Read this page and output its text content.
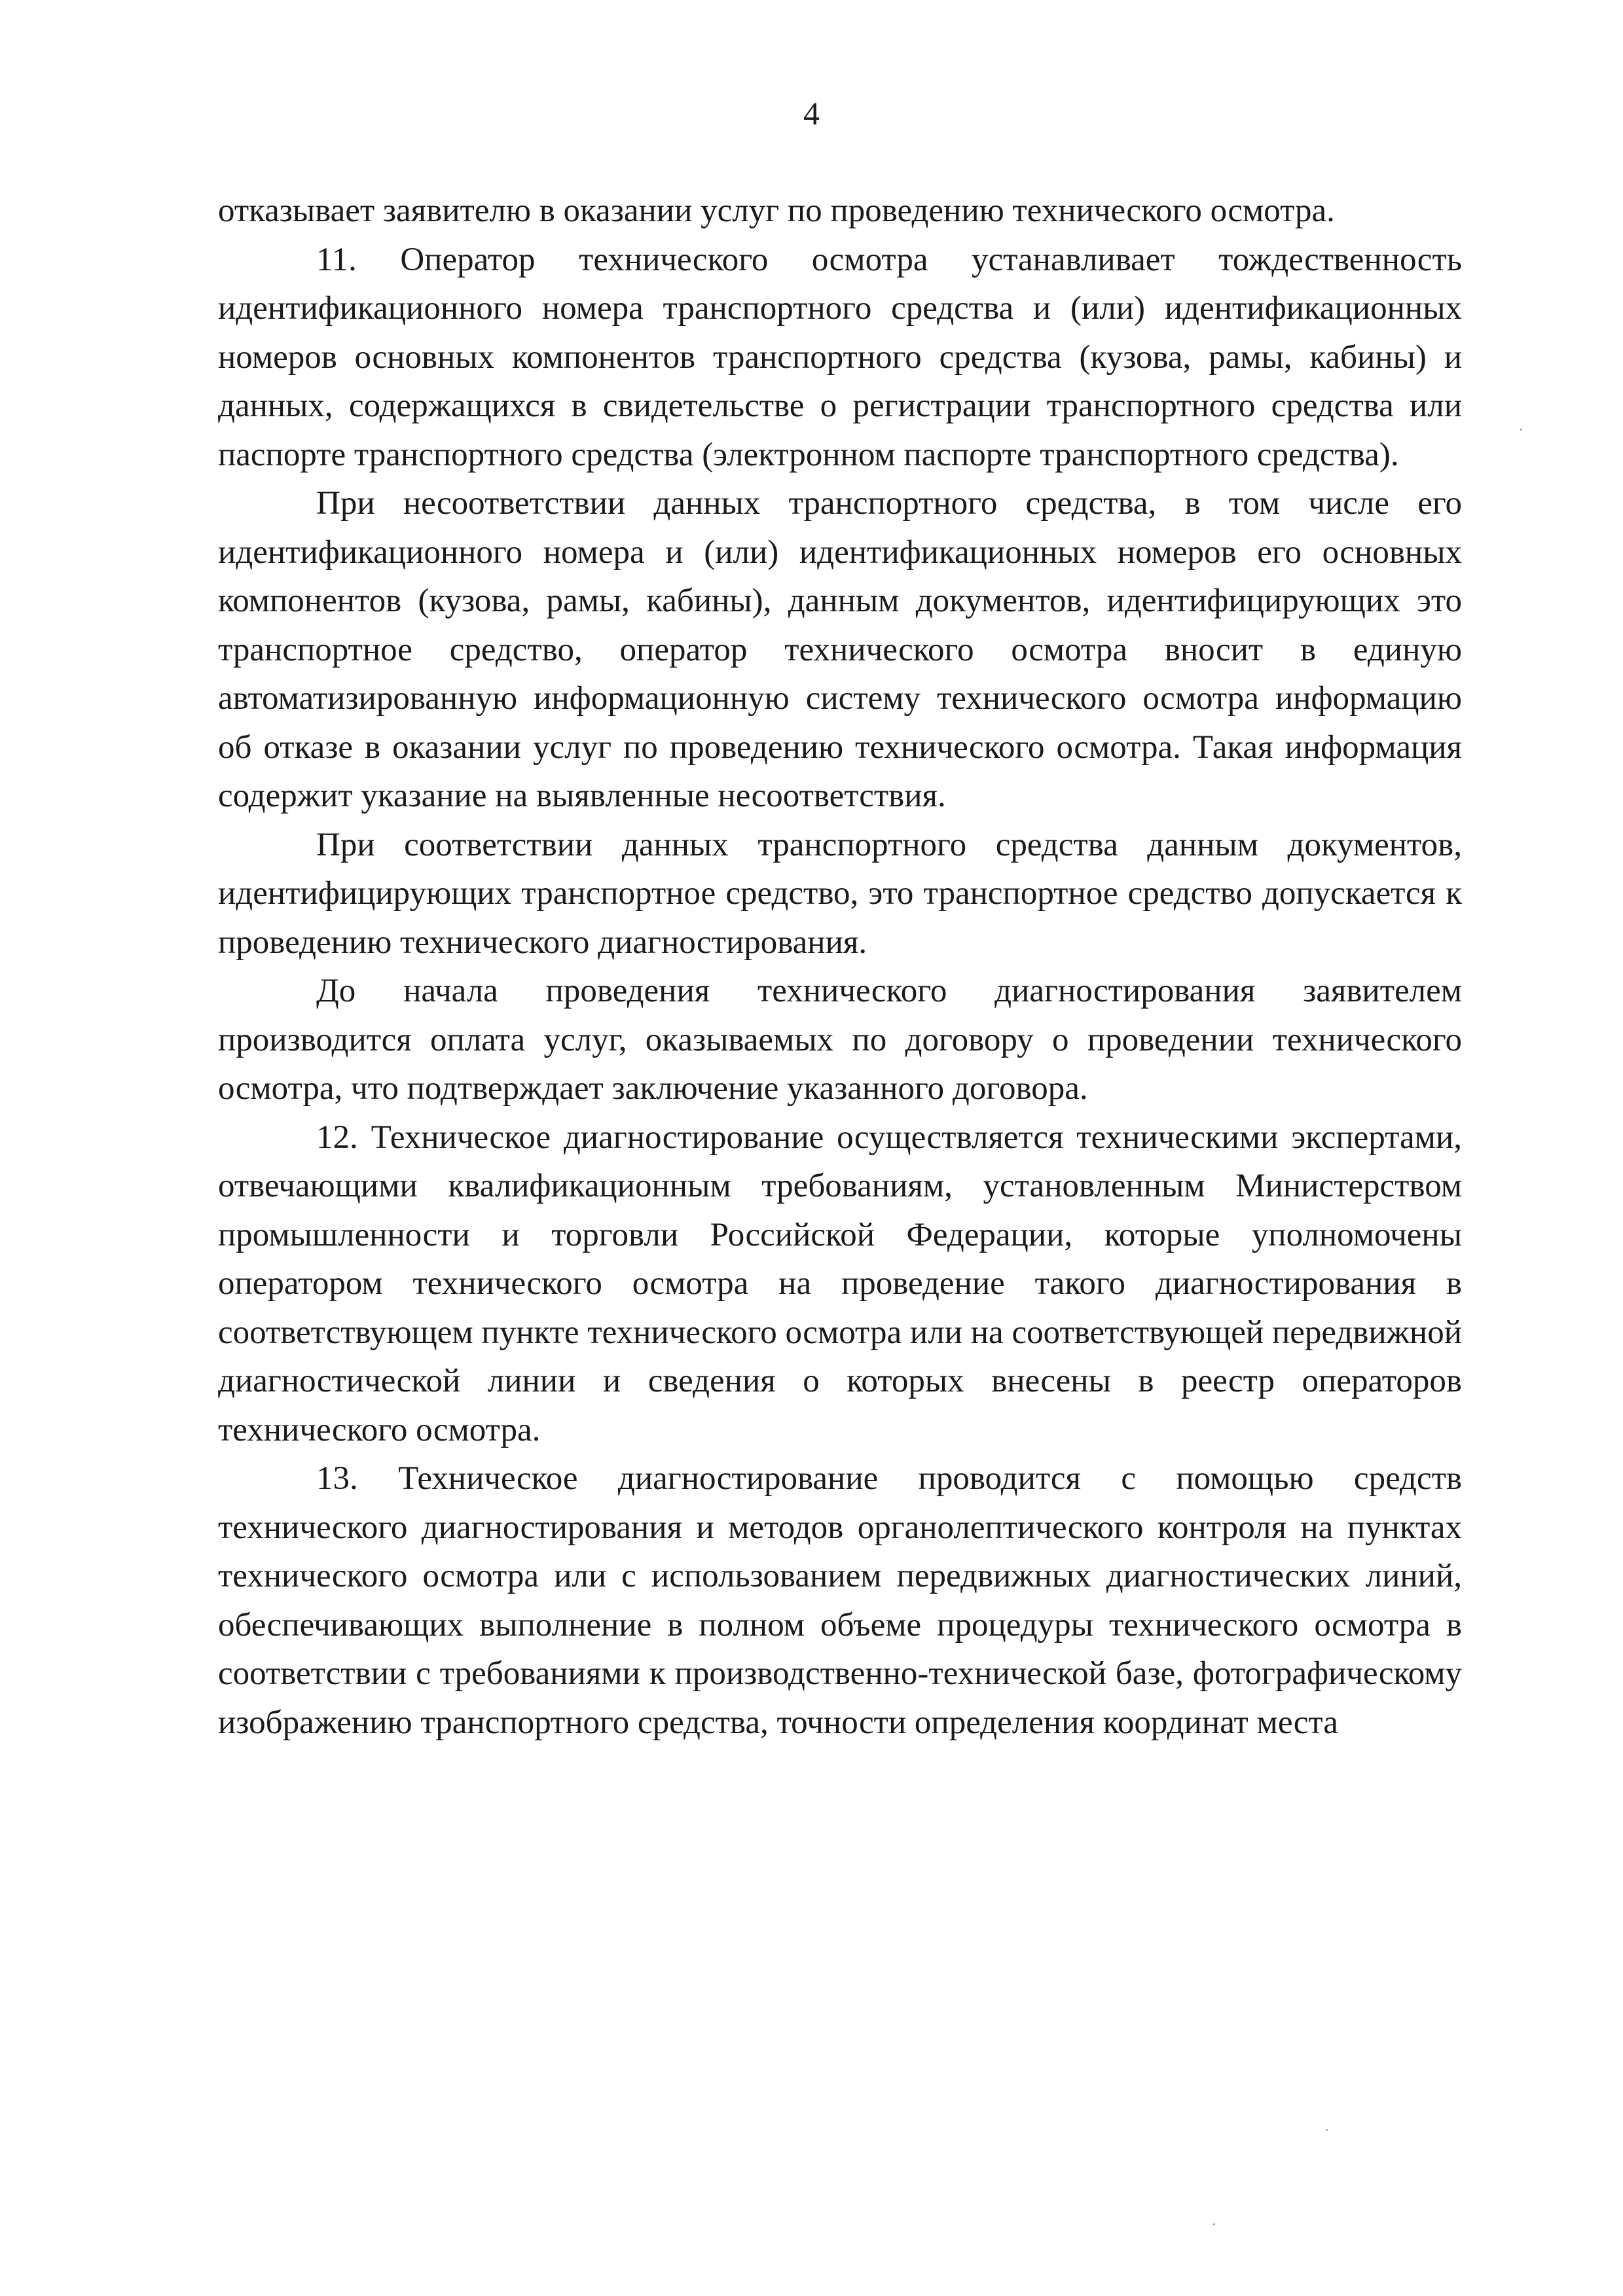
4

отказывает заявителю в оказании услуг по проведению технического осмотра.

11. Оператор технического осмотра устанавливает тождественность идентификационного номера транспортного средства и (или) идентификационных номеров основных компонентов транспортного средства (кузова, рамы, кабины) и данных, содержащихся в свидетельстве о регистрации транспортного средства или паспорте транспортного средства (электронном паспорте транспортного средства).

При несоответствии данных транспортного средства, в том числе его идентификационного номера и (или) идентификационных номеров его основных компонентов (кузова, рамы, кабины), данным документов, идентифицирующих это транспортное средство, оператор технического осмотра вносит в единую автоматизированную информационную систему технического осмотра информацию об отказе в оказании услуг по проведению технического осмотра. Такая информация содержит указание на выявленные несоответствия.

При соответствии данных транспортного средства данным документов, идентифицирующих транспортное средство, это транспортное средство допускается к проведению технического диагностирования.

До начала проведения технического диагностирования заявителем производится оплата услуг, оказываемых по договору о проведении технического осмотра, что подтверждает заключение указанного договора.

12. Техническое диагностирование осуществляется техническими экспертами, отвечающими квалификационным требованиям, установленным Министерством промышленности и торговли Российской Федерации, которые уполномочены оператором технического осмотра на проведение такого диагностирования в соответствующем пункте технического осмотра или на соответствующей передвижной диагностической линии и сведения о которых внесены в реестр операторов технического осмотра.

13. Техническое диагностирование проводится с помощью средств технического диагностирования и методов органолептического контроля на пунктах технического осмотра или с использованием передвижных диагностических линий, обеспечивающих выполнение в полном объеме процедуры технического осмотра в соответствии с требованиями к производственно-технической базе, фотографическому изображению транспортного средства, точности определения координат места
